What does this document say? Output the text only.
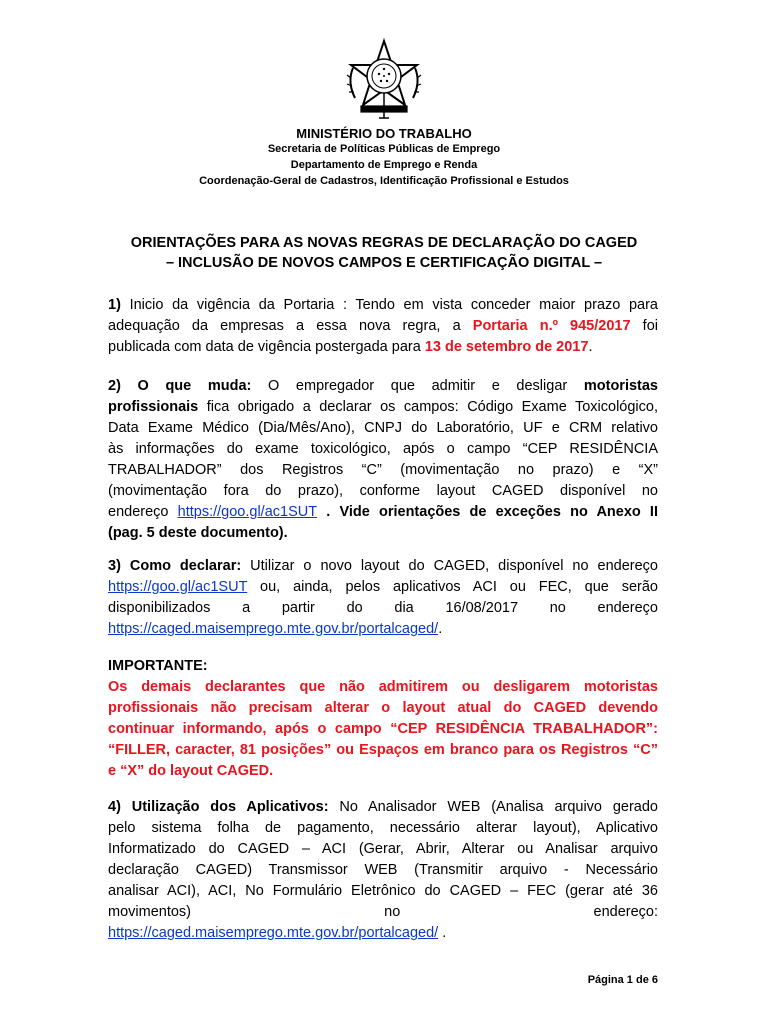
MINISTÉRIO DO TRABALHO
Secretaria de Políticas Públicas de Emprego
Departamento de Emprego e Renda
Coordenação-Geral de Cadastros, Identificação Profissional e Estudos
ORIENTAÇÕES PARA AS NOVAS REGRAS DE DECLARAÇÃO DO CAGED
– INCLUSÃO DE NOVOS CAMPOS E CERTIFICAÇÃO DIGITAL –
1) Inicio da vigência da Portaria : Tendo em vista conceder maior prazo para
adequação da empresas a essa nova regra, a Portaria n.º 945/2017 foi
publicada com data de vigência postergada para 13 de setembro de 2017.
2) O que muda: O empregador que admitir e desligar motoristas
profissionais fica obrigado a declarar os campos: Código Exame Toxicológico,
Data Exame Médico (Dia/Mês/Ano), CNPJ do Laboratório, UF e CRM relativo
às informações do exame toxicológico, após o campo “CEP RESIDÊNCIA
TRABALHADOR” dos Registros “C” (movimentação no prazo) e “X”
(movimentação fora do prazo), conforme layout CAGED disponível no
endereço https://goo.gl/ac1SUT . Vide orientações de exceções no Anexo II
(pag. 5 deste documento).
3) Como declarar: Utilizar o novo layout do CAGED, disponível no endereço
https://goo.gl/ac1SUT ou, ainda, pelos aplicativos ACI ou FEC, que serão
disponibilizados a partir do dia 16/08/2017 no endereço
https://caged.maisemprego.mte.gov.br/portalcaged/.
IMPORTANTE:
Os demais declarantes que não admitirem ou desligarem motoristas
profissionais não precisam alterar o layout atual do CAGED devendo
continuar informando, após o campo “CEP RESIDÊNCIA TRABALHADOR”:
“FILLER, caracter, 81 posições” ou Espaços em branco para os Registros “C”
e “X” do layout CAGED.
4) Utilização dos Aplicativos: No Analisador WEB (Analisa arquivo gerado
pelo sistema folha de pagamento, necessário alterar layout), Aplicativo
Informatizado do CAGED – ACI (Gerar, Abrir, Alterar ou Analisar arquivo
declaração CAGED) Transmissor WEB (Transmitir arquivo - Necessário
analisar ACI), ACI, No Formulário Eletrônico do CAGED – FEC (gerar até 36
movimentos) no endereço:
https://caged.maisemprego.mte.gov.br/portalcaged/ .
Página 1 de 6
